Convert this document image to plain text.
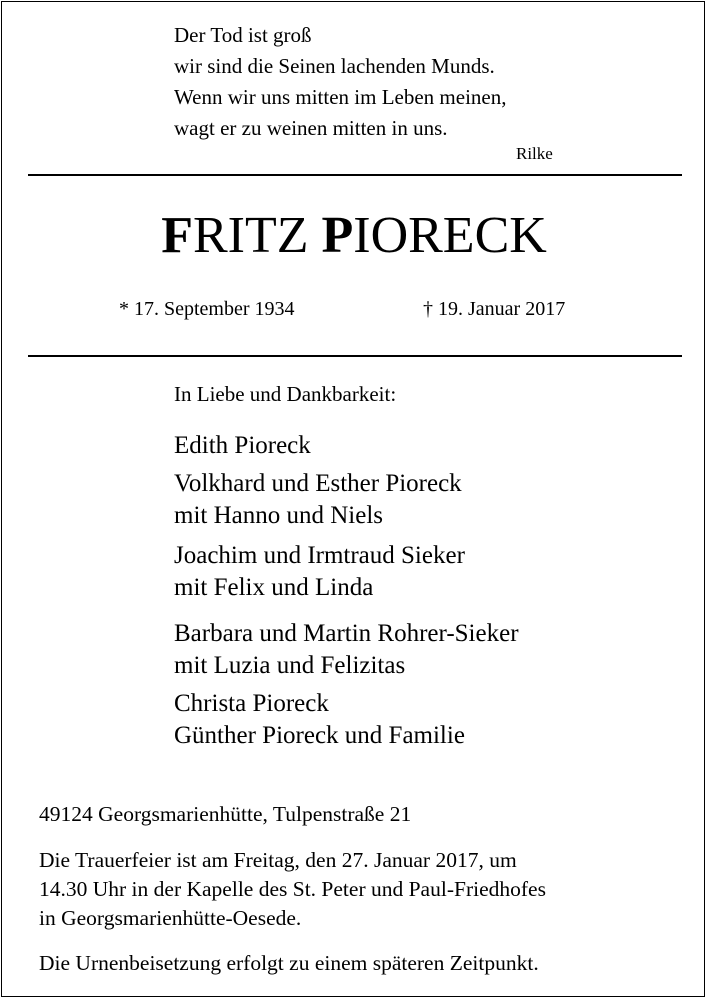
Der Tod ist groß
wir sind die Seinen lachenden Munds.
Wenn wir uns mitten im Leben meinen,
wagt er zu weinen mitten in uns.
Rilke
FRITZ PIORECK
* 17. September 1934	† 19. Januar 2017
In Liebe und Dankbarkeit:
Edith Pioreck
Volkhard und Esther Pioreck
mit Hanno und Niels
Joachim und Irmtraud Sieker
mit Felix und Linda
Barbara und Martin Rohrer-Sieker
mit Luzia und Felizitas
Christa Pioreck
Günther Pioreck und Familie
49124 Georgsmarienhütte, Tulpenstraße 21
Die Trauerfeier ist am Freitag, den 27. Januar 2017, um
14.30 Uhr in der Kapelle des St. Peter und Paul-Friedhofes
in Georgsmarienhütte-Oesede.
Die Urnenbeisetzung erfolgt zu einem späteren Zeitpunkt.
